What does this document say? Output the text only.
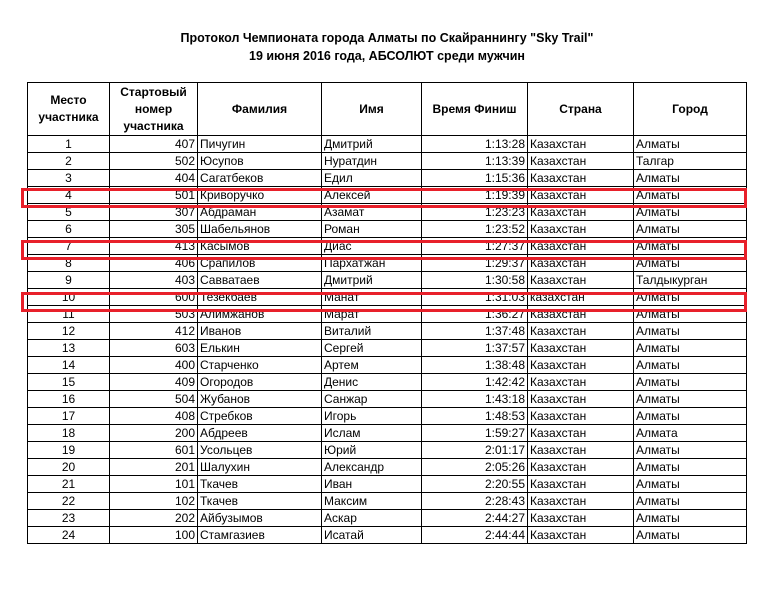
Протокол Чемпионата города Алматы по Скайраннингу "Sky Trail"
19 июня 2016 года, АБСОЛЮТ среди мужчин
Место участника	Стартовый номер участника	Фамилия	Имя	Время Финиш	Страна	Город
1	407	Пичугин	Дмитрий	1:13:28	Казахстан	Алматы
2	502	Юсупов	Нуратдин	1:13:39	Казахстан	Талгар
3	404	Сагатбеков	Едил	1:15:36	Казахстан	Алматы
4	501	Криворучко	Алексей	1:19:39	Казахстан	Алматы
5	307	Абдраман	Азамат	1:23:23	Казахстан	Алматы
6	305	Шабельянов	Роман	1:23:52	Казахстан	Алматы
7	413	Касымов	Диас	1:27:37	Казахстан	Алматы
8	406	Срапилов	Пархатжан	1:29:37	Казахстан	Алматы
9	403	Савватаев	Дмитрий	1:30:58	Казахстан	Талдыкурган
10	600	Тезекбаев	Манат	1:31:03	казахстан	Алматы
11	503	Алимжанов	Марат	1:36:27	Казахстан	Алматы
12	412	Иванов	Виталий	1:37:48	Казахстан	Алматы
13	603	Елькин	Сергей	1:37:57	Казахстан	Алматы
14	400	Старченко	Артем	1:38:48	Казахстан	Алматы
15	409	Огородов	Денис	1:42:42	Казахстан	Алматы
16	504	Жубанов	Санжар	1:43:18	Казахстан	Алматы
17	408	Стребков	Игорь	1:48:53	Казахстан	Алматы
18	200	Абдреев	Ислам	1:59:27	Казахстан	Алмата
19	601	Усольцев	Юрий	2:01:17	Казахстан	Алматы
20	201	Шалухин	Александр	2:05:26	Казахстан	Алматы
21	101	Ткачев	Иван	2:20:55	Казахстан	Алматы
22	102	Ткачев	Максим	2:28:43	Казахстан	Алматы
23	202	Айбузымов	Аскар	2:44:27	Казахстан	Алматы
24	100	Стамгазиев	Исатай	2:44:44	Казахстан	Алматы
